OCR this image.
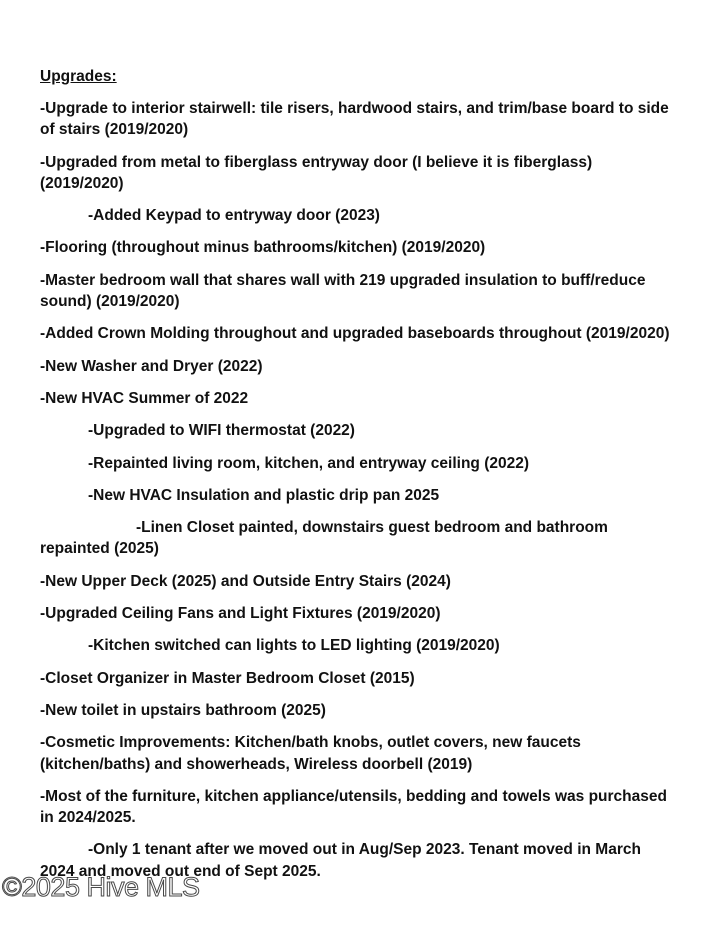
Upgrades:
-Upgrade to interior stairwell: tile risers, hardwood stairs, and trim/base board to side of stairs (2019/2020)
-Upgraded from metal to fiberglass entryway door (I believe it is fiberglass) (2019/2020)
-Added Keypad to entryway door (2023)
-Flooring (throughout minus bathrooms/kitchen) (2019/2020)
-Master bedroom wall that shares wall with 219 upgraded insulation to buff/reduce sound) (2019/2020)
-Added Crown Molding throughout and upgraded baseboards throughout (2019/2020)
-New Washer and Dryer (2022)
-New HVAC Summer of 2022
-Upgraded to WIFI thermostat (2022)
-Repainted living room, kitchen, and entryway ceiling (2022)
-New HVAC Insulation and plastic drip pan 2025
-Linen Closet painted, downstairs guest bedroom and bathroom repainted (2025)
-New Upper Deck (2025) and Outside Entry Stairs (2024)
-Upgraded Ceiling Fans and Light Fixtures (2019/2020)
-Kitchen switched can lights to LED lighting (2019/2020)
-Closet Organizer in Master Bedroom Closet (2015)
-New toilet in upstairs bathroom (2025)
-Cosmetic Improvements: Kitchen/bath knobs, outlet covers, new faucets (kitchen/baths) and showerheads, Wireless doorbell (2019)
-Most of the furniture, kitchen appliance/utensils, bedding and towels was purchased in 2024/2025.
-Only 1 tenant after we moved out in Aug/Sep 2023. Tenant moved in March 2024 and moved out end of Sept 2025.
©2025 Hive MLS
